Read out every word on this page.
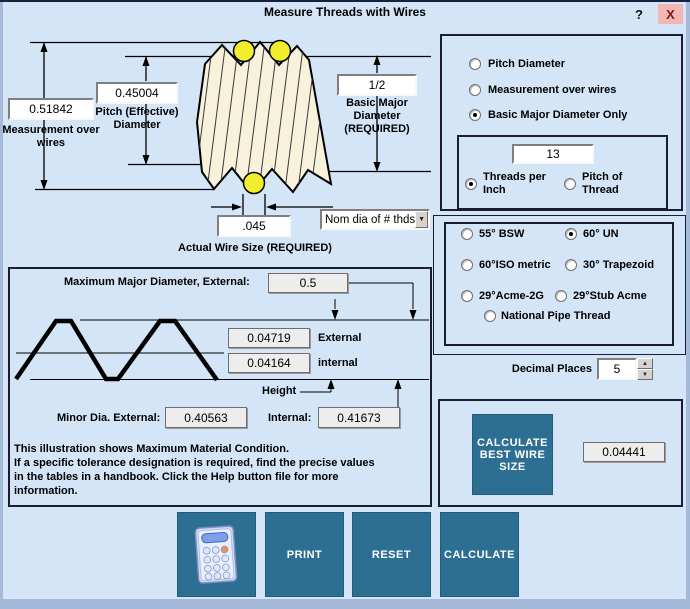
Measure Threads with Wires	?	X
0.51842
Measurement over wires
0.45004
Pitch (Effective) Diameter
1/2
Basic Major Diameter (REQUIRED)
.045
Actual Wire Size (REQUIRED)
Nom dia of # thds ▼
Pitch Diameter
Measurement over wires
Basic Major Diameter Only
13
Threads per Inch
Pitch of Thread
55° BSW	60° UN
60°ISO metric	30° Trapezoid
29°Acme-2G	29°Stub Acme
National Pipe Thread
Decimal Places	5	▲
▼
CALCULATE BEST WIRE SIZE
0.04441
Maximum Major Diameter, External:	0.5
0.04719	External
0.04164	internal
Height
Minor Dia. External:	0.40563	Internal:	0.41673
This illustration shows Maximum Material Condition.
If a specific tolerance designation is required, find the precise values
in the tables in a handbook. Click the Help button file for more
information.
PRINT	RESET	CALCULATE
